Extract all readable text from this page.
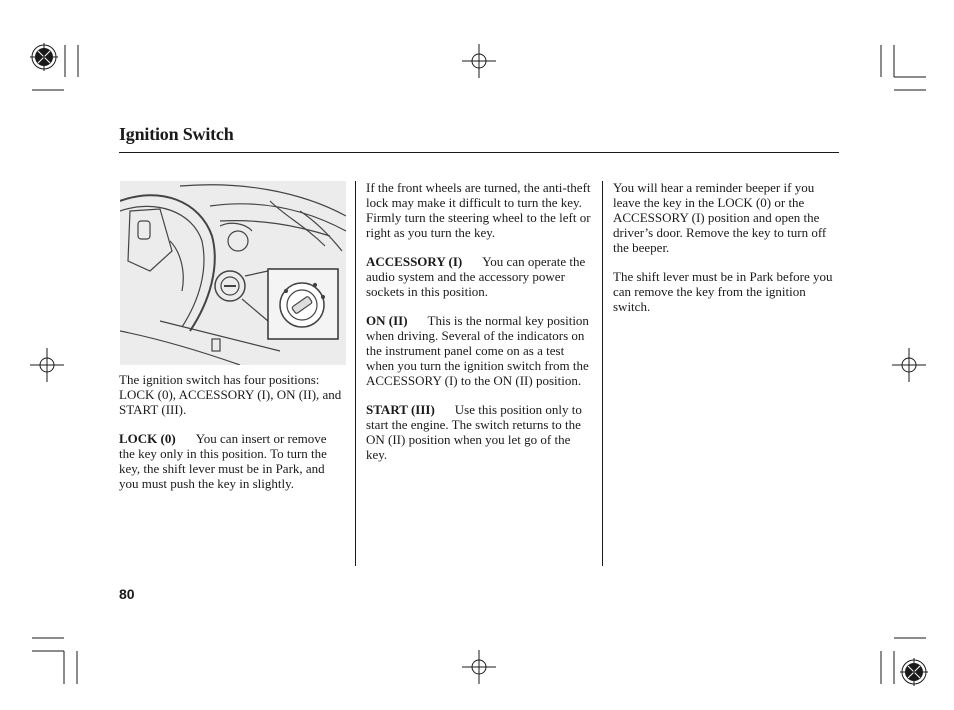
Ignition Switch

The ignition switch has four positions: LOCK (0), ACCESSORY (I), ON (II), and START (III).

LOCK (0) You can insert or remove the key only in this position. To turn the key, the shift lever must be in Park, and you must push the key in slightly.

If the front wheels are turned, the anti-theft lock may make it difficult to turn the key. Firmly turn the steering wheel to the left or right as you turn the key.

ACCESSORY (I) You can operate the audio system and the accessory power sockets in this position.

ON (II) This is the normal key position when driving. Several of the indicators on the instrument panel come on as a test when you turn the ignition switch from the ACCESSORY (I) to the ON (II) position.

START (III) Use this position only to start the engine. The switch returns to the ON (II) position when you let go of the key.

You will hear a reminder beeper if you leave the key in the LOCK (0) or the ACCESSORY (I) position and open the driver’s door. Remove the key to turn off the beeper.

The shift lever must be in Park before you can remove the key from the ignition switch.

80
